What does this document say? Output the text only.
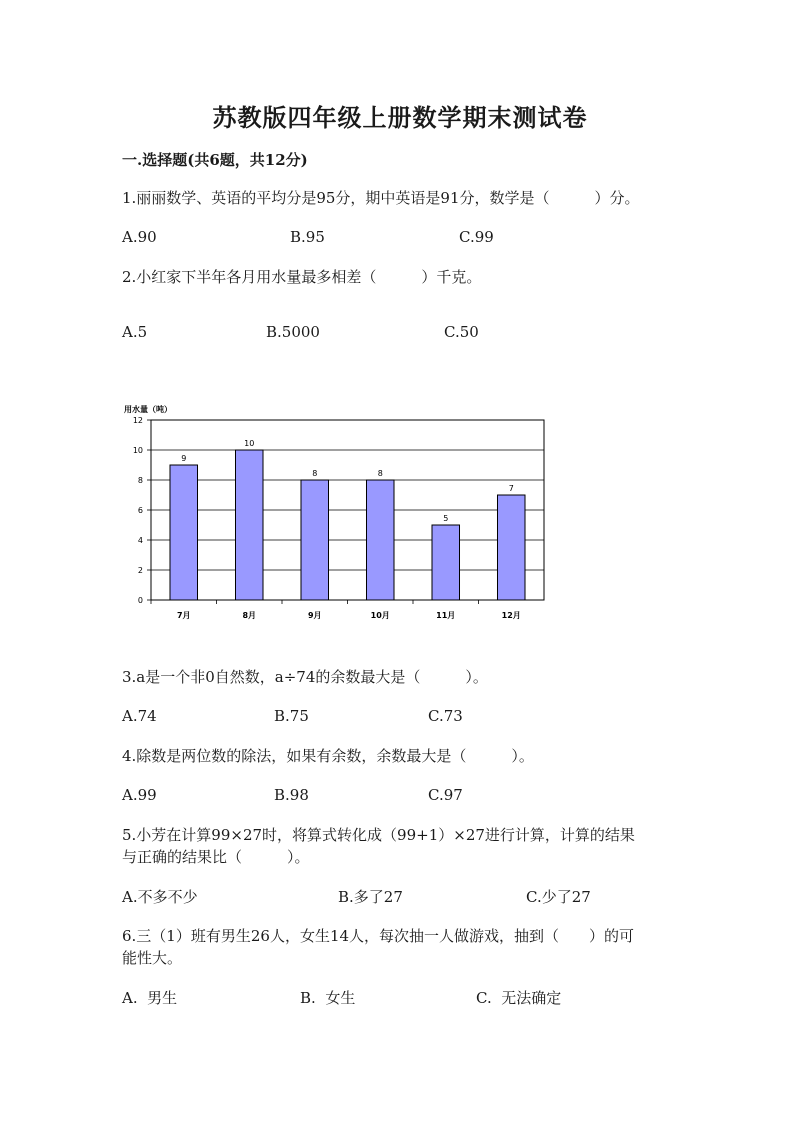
苏教版四年级上册数学期末测试卷
一.选择题(共6题，共12分)
1.丽丽数学、英语的平均分是95分，期中英语是91分，数学是（　　　）分。
A.90	B.95	C.99
2.小红家下半年各月用水量最多相差（　　　）千克。
A.5	B.5000	C.50
用水量（吨）
0
2
4
6
8
10
12
9
7月
10
8月
8
9月
8
10月
5
11月
7
12月
3.a是一个非0自然数，a÷74的余数最大是（　　　）。
A.74	B.75	C.73
4.除数是两位数的除法，如果有余数，余数最大是（　　　）。
A.99	B.98	C.97
5.小芳在计算99×27时，将算式转化成（99+1）×27进行计算，计算的结果
与正确的结果比（　　　）。
A.不多不少	B.多了27	C.少了27
6.三（1）班有男生26人，女生14人，每次抽一人做游戏，抽到（　　）的可
能性大。
A.  男生	B.  女生	C.  无法确定
